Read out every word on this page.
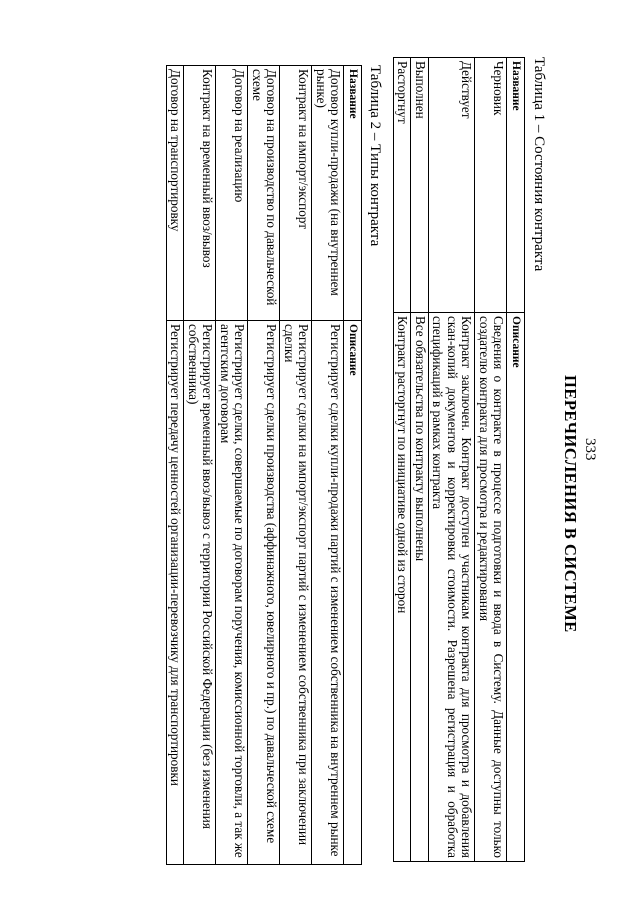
333
ПЕРЕЧИСЛЕНИЯ В СИСТЕМЕ
Таблица 1 – Состояния контракта
Название	Описание
Черновик	Сведения о контракте в процессе подготовки и ввода в Систему. Данные доступны только создателю контракта для просмотра и редактирования
Действует	Контракт заключен. Контракт доступен участникам контракта для просмотра и добавления скан-копий документов и корректировки стоимости. Разрешена регистрация и обработка спецификаций в рамках контракта
Выполнен	Все обязательства по контракту выполнены
Расторгнут	Контракт расторгнут по инициативе одной из сторон
Таблица 2 – Типы контракта
Название	Описание
Договор купли-продажи (на внутреннем рынке)	Регистрирует сделки купли-продажи партий с изменением собственника на внутреннем рынке
Контракт на импорт/экспорт	Регистрирует сделки на импорт/экспорт партий с изменением собственника при заключении сделки
Договор на производство по давальческой схеме	Регистрирует сделки производства (аффинажного, ювелирного и пр.) по давальческой схеме
Договор на реализацию	Регистрирует сделки, совершаемые по договорам поручения, комиссионной торговли, а так же агентским договорам
Контракт на временный ввоз/вывоз	Регистрирует временный ввоз/вывоз с территории Российской Федерации (без изменения собственника)
Договор на транспортировку	Регистрирует передачу ценностей организации-перевозчику для транспортировки
